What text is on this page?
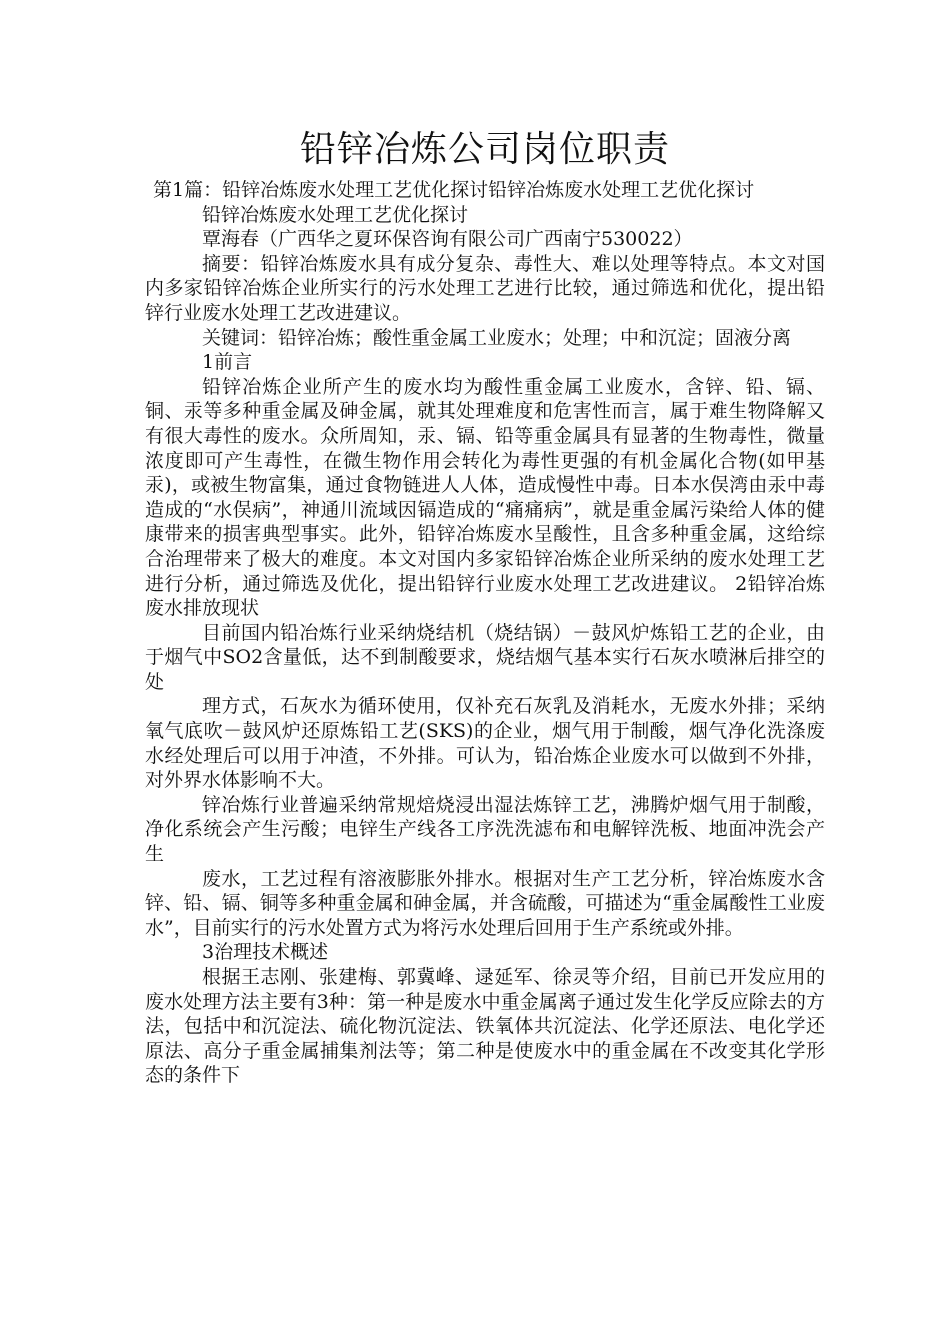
铅锌冶炼公司岗位职责

第1篇：铅锌冶炼废水处理工艺优化探讨铅锌冶炼废水处理工艺优化探讨

铅锌冶炼废水处理工艺优化探讨

覃海春（广西华之夏环保咨询有限公司广西南宁530022）

摘要：铅锌冶炼废水具有成分复杂、毒性大、难以处理等特点。本文对国内多家铅锌冶炼企业所实行的污水处理工艺进行比较，通过筛选和优化，提出铅锌行业废水处理工艺改进建议。

关键词：铅锌冶炼；酸性重金属工业废水；处理；中和沉淀；固液分离

1前言

铅锌冶炼企业所产生的废水均为酸性重金属工业废水，含锌、铅、镉、铜、汞等多种重金属及砷金属，就其处理难度和危害性而言，属于难生物降解又有很大毒性的废水。众所周知，汞、镉、铅等重金属具有显著的生物毒性，微量浓度即可产生毒性，在微生物作用会转化为毒性更强的有机金属化合物(如甲基汞)，或被生物富集，通过食物链进人人体，造成慢性中毒。日本水俣湾由汞中毒造成的“水俣病”，神通川流域因镉造成的“痛痛病”，就是重金属污染给人体的健康带来的损害典型事实。此外，铅锌冶炼废水呈酸性，且含多种重金属，这给综合治理带来了极大的难度。本文对国内多家铅锌冶炼企业所采纳的废水处理工艺进行分析，通过筛选及优化，提出铅锌行业废水处理工艺改进建议。 2铅锌冶炼废水排放现状

目前国内铅冶炼行业采纳烧结机（烧结锅）－鼓风炉炼铅工艺的企业，由于烟气中SO2含量低，达不到制酸要求，烧结烟气基本实行石灰水喷淋后排空的处

理方式，石灰水为循环使用，仅补充石灰乳及消耗水，无废水外排；采纳氧气底吹－鼓风炉还原炼铅工艺(SKS)的企业，烟气用于制酸，烟气净化洗涤废水经处理后可以用于冲渣，不外排。可认为，铅冶炼企业废水可以做到不外排，对外界水体影响不大。

锌冶炼行业普遍采纳常规焙烧浸出湿法炼锌工艺，沸腾炉烟气用于制酸，净化系统会产生污酸；电锌生产线各工序洗洗滤布和电解锌洗板、地面冲洗会产生

废水，工艺过程有溶液膨胀外排水。根据对生产工艺分析，锌冶炼废水含锌、铅、镉、铜等多种重金属和砷金属，并含硫酸，可描述为“重金属酸性工业废水”，目前实行的污水处置方式为将污水处理后回用于生产系统或外排。

3治理技术概述

根据王志刚、张建梅、郭冀峰、逯延军、徐灵等介绍，目前已开发应用的废水处理方法主要有3种：第一种是废水中重金属离子通过发生化学反应除去的方法，包括中和沉淀法、硫化物沉淀法、铁氧体共沉淀法、化学还原法、电化学还原法、高分子重金属捕集剂法等；第二种是使废水中的重金属在不改变其化学形态的条件下
